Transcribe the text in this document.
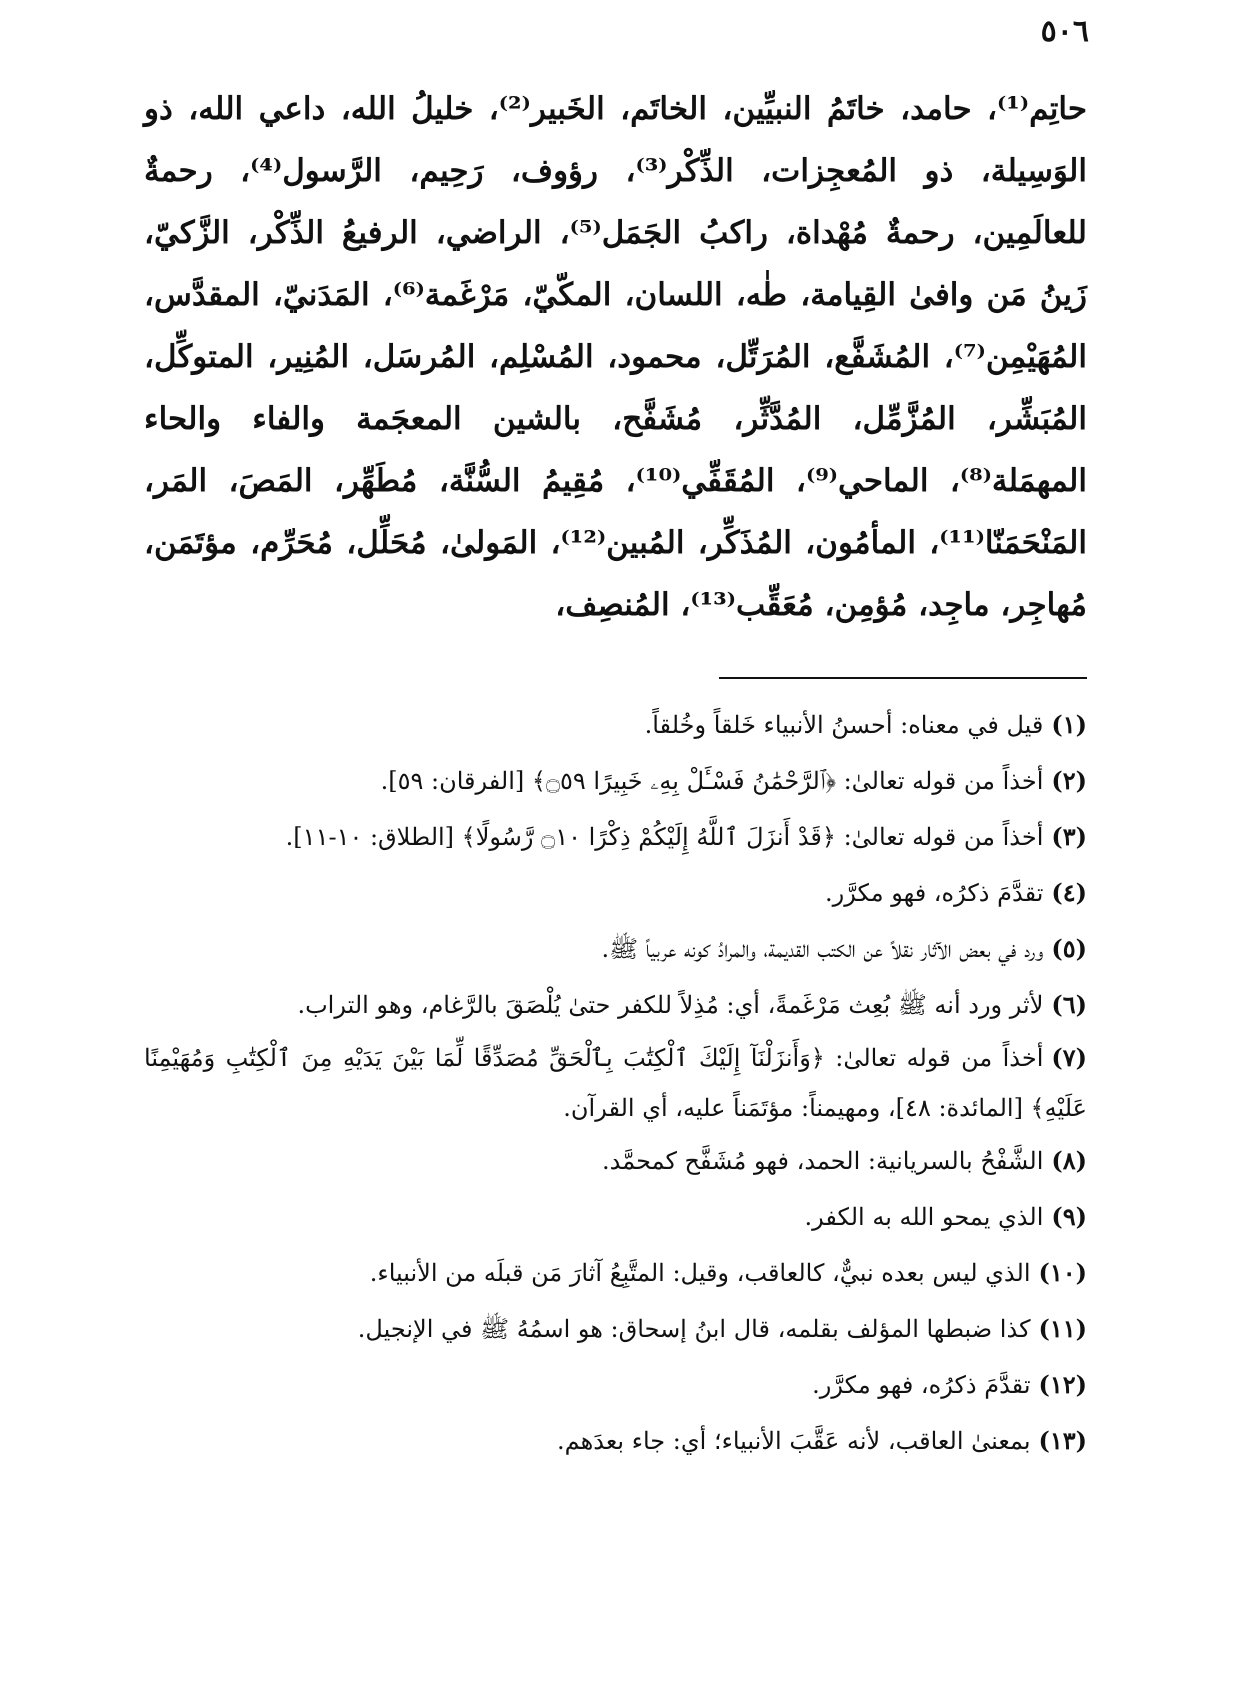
٥٠٦

حاتِم⁽¹⁾، حامد، خاتَمُ النبيِّين، الخاتَم، الخَبير⁽²⁾، خليلُ الله، داعي الله، ذو الوَسِيلة، ذو المُعجِزات، الذِّكْر⁽³⁾، رؤوف، رَحِيم، الرَّسول⁽⁴⁾، رحمةٌ للعالَمِين، رحمةٌ مُهْداة، راكبُ الجَمَل⁽⁵⁾، الراضي، الرفيعُ الذِّكْر، الزَّكيّ، زَينُ مَن وافىٰ القِيامة، طٰه، اللسان، المكّيّ، مَرْغَمة⁽⁶⁾، المَدَنيّ، المقدَّس، المُهَيْمِن⁽⁷⁾، المُشَفَّع، المُرَتِّل، محمود، المُسْلِم، المُرسَل، المُنِير، المتوكِّل، المُبَشِّر، المُزَّمِّل، المُدَّثِّر، مُشَفَّح، بالشين المعجَمة والفاء والحاء المهمَلة⁽⁸⁾، الماحي⁽⁹⁾، المُقَفِّي⁽¹⁰⁾، مُقِيمُ السُّنَّة، مُطَهِّر، المَصَ، المَر، المَنْحَمَنّا⁽¹¹⁾، المأمُون، المُذَكِّر، المُبين⁽¹²⁾، المَولىٰ، مُحَلِّل، مُحَرِّم، مؤتَمَن، مُهاجِر، ماجِد، مُؤمِن، مُعَقِّب⁽¹³⁾، المُنصِف،

(١)قيل في معناه: أحسنُ الأنبياء خَلقاً وخُلقاً.
(٢)أخذاً من قوله تعالىٰ: ﴿ٱلرَّحْمَٰنُ فَسْـَٔلْ بِهِۦ خَبِيرًا ۝٥٩﴾ [الفرقان: ٥٩].
(٣)أخذاً من قوله تعالىٰ: ﴿قَدْ أَنزَلَ ٱللَّهُ إِلَيْكُمْ ذِكْرًا ۝١٠ رَّسُولًا﴾ [الطلاق: ١٠-١١].
(٤)تقدَّمَ ذكرُه، فهو مكرَّر.
(٥)ورد في بعض الآثار نقلاً عن الكتب القديمة، والمرادُ كونه عربياً ﷺ.
(٦)لأثر ورد أنه ﷺ بُعِث مَرْغَمةً، أي: مُذِلاً للكفر حتىٰ يُلْصَقَ بالرَّغام، وهو التراب.
(٧)أخذاً من قوله تعالىٰ: ﴿وَأَنزَلْنَآ إِلَيْكَ ٱلْكِتَٰبَ بِٱلْحَقِّ مُصَدِّقًا لِّمَا بَيْنَ يَدَيْهِ مِنَ ٱلْكِتَٰبِ وَمُهَيْمِنًا عَلَيْهِ﴾ [المائدة: ٤٨]، ومهيمناً: مؤتَمَناً عليه، أي القرآن.
(٨)الشَّفْحُ بالسريانية: الحمد، فهو مُشَفَّح كمحمَّد.
(٩)الذي يمحو الله به الكفر.
(١٠)الذي ليس بعده نبيٌّ، كالعاقب، وقيل: المتَّبِعُ آثارَ مَن قبلَه من الأنبياء.
(١١)كذا ضبطها المؤلف بقلمه، قال ابنُ إسحاق: هو اسمُهُ ﷺ في الإنجيل.
(١٢)تقدَّمَ ذكرُه، فهو مكرَّر.
(١٣)بمعنىٰ العاقب، لأنه عَقَّبَ الأنبياء؛ أي: جاء بعدَهم.
